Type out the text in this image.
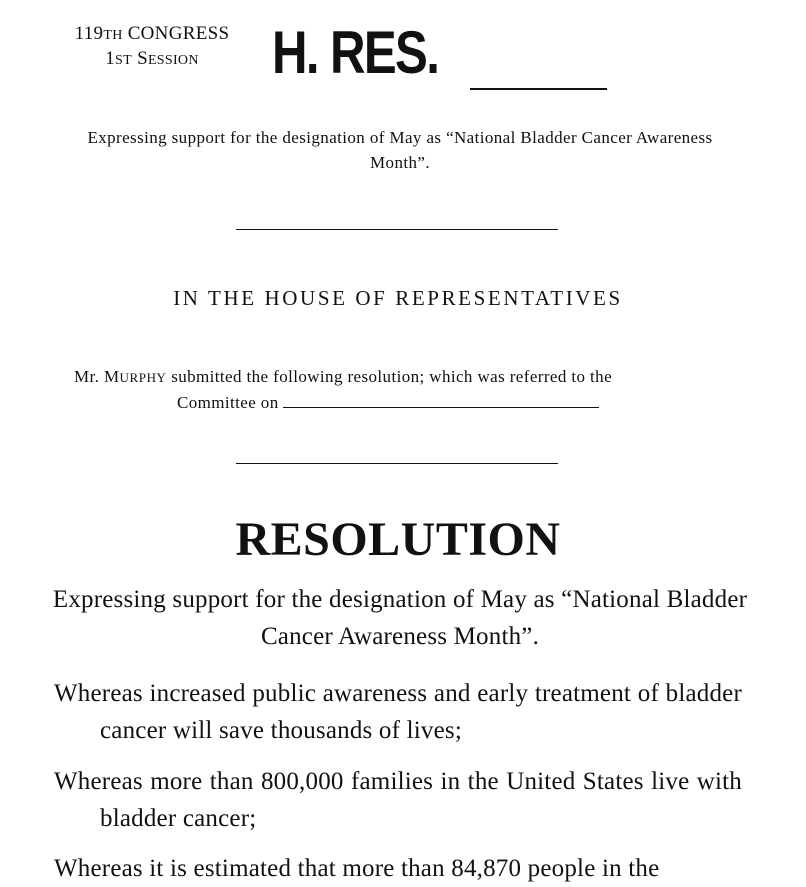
119TH CONGRESS
1ST SESSION	H. RES.
Expressing support for the designation of May as “National Bladder Cancer Awareness Month”.
IN THE HOUSE OF REPRESENTATIVES
Mr. MURPHY submitted the following resolution; which was referred to the
Committee on
RESOLUTION
Expressing support for the designation of May as “National Bladder Cancer Awareness Month”.
Whereas increased public awareness and early treatment of bladder cancer will save thousands of lives;
Whereas more than 800,000 families in the United States live with bladder cancer;
Whereas it is estimated that more than 84,870 people in the
